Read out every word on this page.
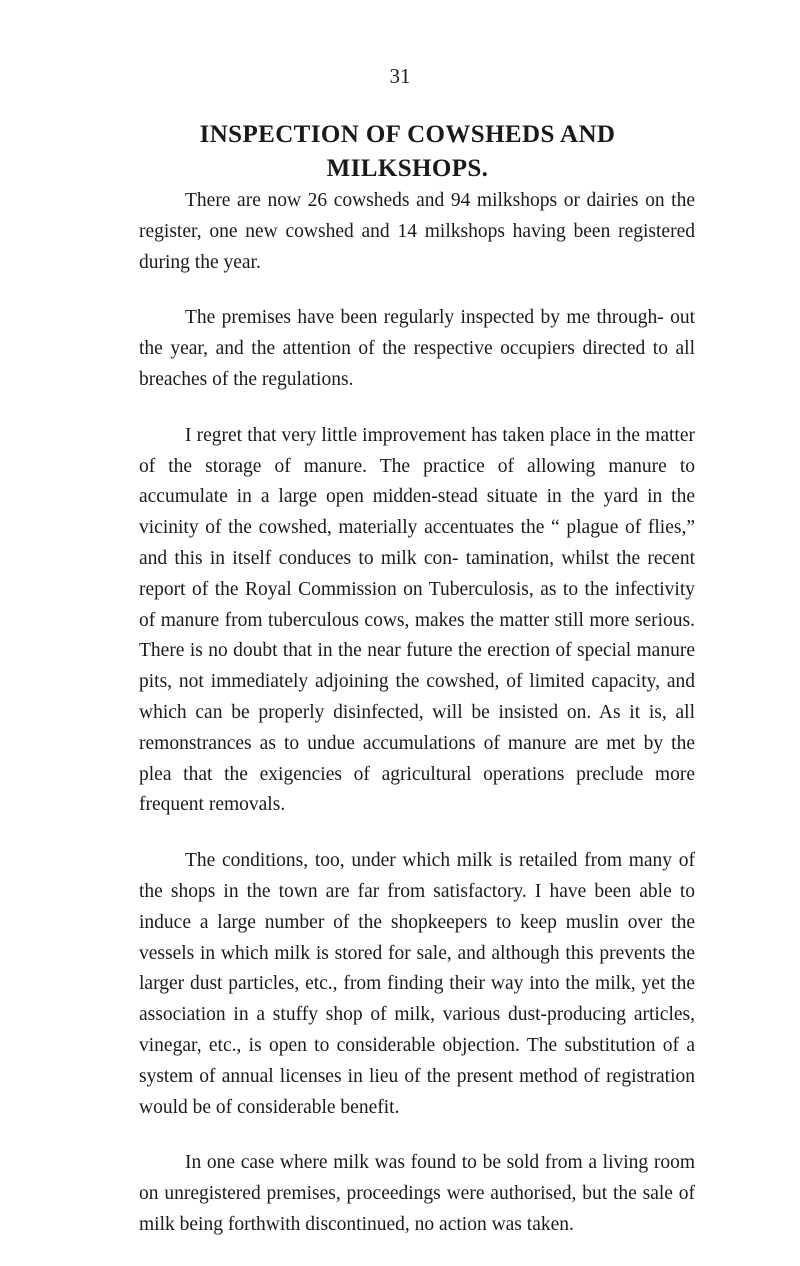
31
INSPECTION OF COWSHEDS AND MILKSHOPS.

There are now 26 cowsheds and 94 milkshops or dairies on the register, one new cowshed and 14 milkshops having been registered during the year.

The premises have been regularly inspected by me through- out the year, and the attention of the respective occupiers directed to all breaches of the regulations.

I regret that very little improvement has taken place in the matter of the storage of manure. The practice of allowing manure to accumulate in a large open midden-stead situate in the yard in the vicinity of the cowshed, materially accentuates the “ plague of flies,” and this in itself conduces to milk con- tamination, whilst the recent report of the Royal Commission on Tuberculosis, as to the infectivity of manure from tuberculous cows, makes the matter still more serious. There is no doubt that in the near future the erection of special manure pits, not immediately adjoining the cowshed, of limited capacity, and which can be properly disinfected, will be insisted on. As it is, all remonstrances as to undue accumulations of manure are met by the plea that the exigencies of agricultural operations preclude more frequent removals.

The conditions, too, under which milk is retailed from many of the shops in the town are far from satisfactory. I have been able to induce a large number of the shopkeepers to keep muslin over the vessels in which milk is stored for sale, and although this prevents the larger dust particles, etc., from finding their way into the milk, yet the association in a stuffy shop of milk, various dust-producing articles, vinegar, etc., is open to considerable objection. The substitution of a system of annual licenses in lieu of the present method of registration would be of considerable benefit.

In one case where milk was found to be sold from a living room on unregistered premises, proceedings were authorised, but the sale of milk being forthwith discontinued, no action was taken.
